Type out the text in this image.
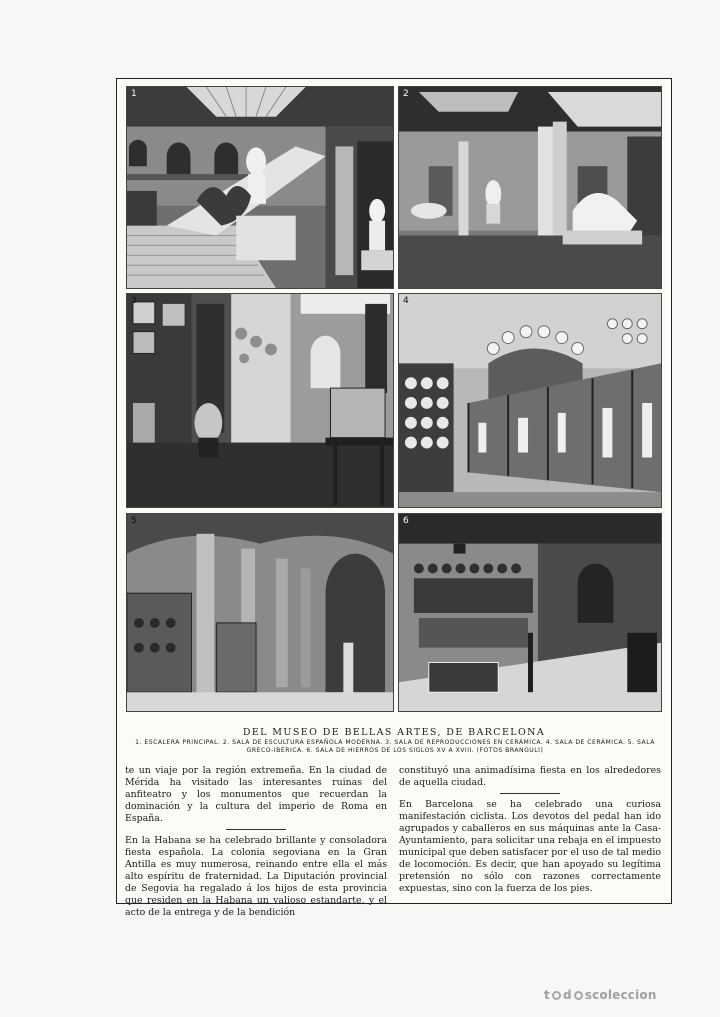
1	2
3	4
5	6
DEL MUSEO DE BELLAS ARTES, DE BARCELONA
1. ESCALERA PRINCIPAL. 2. SALA DE ESCULTURA ESPAÑOLA MODERNA. 3. SALA DE REPRODUCCIONES EN CERÁMICA. 4. SALA DE CERÁMICA. 5. SALA GRECO-IBÉRICA. 6. SALA DE HIERROS DE LOS SIGLOS XV A XVIII. (FOTOS BRANGULI)

te un viaje por la región extremeña. En la ciudad de Mérida ha visitado las interesantes ruinas del anfiteatro y los monumentos que recuerdan la dominación y la cultura del imperio de Roma en España.

En la Habana se ha celebrado brillante y consoladora fiesta española. La colonia segoviana en la Gran Antilla es muy numerosa, reinando entre ella el más alto espíritu de fraternidad. La Diputación provincial de Segovia ha regalado á los hijos de esta provincia que residen en la Habana un valioso estandarte, y el acto de la entrega y de la bendición

constituyó una animadísima fiesta en los alrededores de aquella ciudad.

En Barcelona se ha celebrado una curiosa manifestación ciclista. Los devotos del pedal han ido agrupados y caballeros en sus máquinas ante la Casa-Ayuntamiento, para solicitar una rebaja en el impuesto municipal que deben satisfacer por el uso de tal medio de locomoción. Es decir, que han apoyado su legítima pretensión no sólo con razones correctamente expuestas, sino con la fuerza de los pies.

t d scoleccion
